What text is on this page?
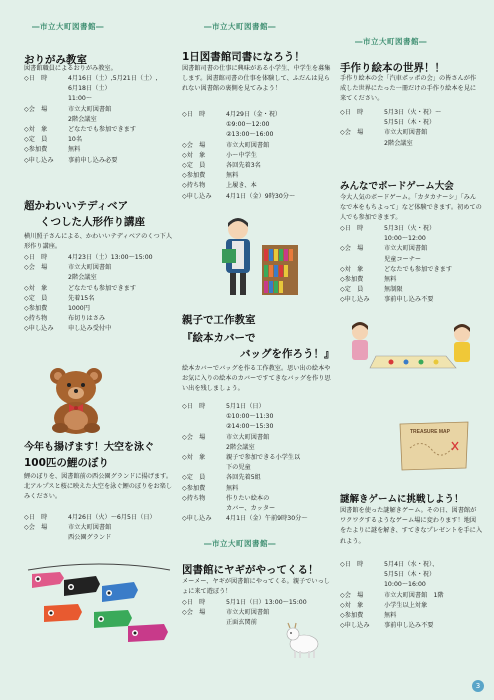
―市立大町図書館―	―市立大町図書館―
―市立大町図書館―
おりがみ教室
図書館職員によるおりがみ教室。
◇日　時	4月16日（土）,5月21日（土）,
6月18日（土）
11:00～
◇会　場	市立大町図書館
2階会議室
◇対　象	どなたでも参加できます
◇定　員	10名
◇参加費	無料
◇申し込み	事前申し込み必要
超かわいいテディベア
くつした人形作り講座
横川照子さんによる、かわいいテディベアのくつ下人形作り講座。
◇日　時	4月23日（土）13:00～15:00
◇会　場	市立大町図書館
2階会議室
◇対　象	どなたでも参加できます
◇定　員	先着15名
◇参加費	1000円
◇持ち物	布切りはさみ
◇申し込み	申し込み受付中
今年も揚げます！大空を泳ぐ
100匹の鯉のぼり
鯉のぼりを、図書館前の西公園グランドに揚げます。北アルプスと桜に映えた大空を泳ぐ鯉のぼりをお楽しみください。
◇日　時	4月26日（火）～6月5日（日）
◇会　場	市立大町図書館
西公園グランド
1日図書館司書になろう！
図書館司書の仕事に興味がある小学生、中学生を募集します。図書館司書の仕事を体験して、ふだんは見られない図書館の裏側を見てみよう！
◇日　時	4月29日（金・祝）
①9:00～12:00
②13:00～16:00
◇会　場	市立大町図書館
◇対　象	小～中学生
◇定　員	各回先着3名
◇参加費	無料
◇持ち物	上履き、本
◇申し込み	4月1日（金）9時30分～
親子で工作教室
『絵本カバーで
バッグを作ろう！』
絵本カバーでバッグを作る工作教室。思い出の絵本やお気に入りの絵本のカバーですてきなバッグを作り思い出を残しましょう。
◇日　時	5月1日（日）
①10:00～11:30
②14:00～15:30
◇会　場	市立大町図書館
2階会議室
◇対　象	親子で参加できる小学生以
下の児童
◇定　員	各回先着5組
◇参加費	無料
◇持ち物	作りたい絵本の
カバー、カッター
◇申し込み	4月1日（金）午前9時30分～
―市立大町図書館―
図書館にヤギがやってくる！
メーメー、ヤギが図書館にやってくる。親子でいっしょに来て遊ぼう！
◇日　時	5月1日（日）13:00～15:00
◇会　場	市立大町図書館
正面玄関前
手作り絵本の世界！！
手作り絵本の会「汽車ポッポの会」の皆さんが作成した世界にたった一冊だけの手作り絵本を見に来てください。
◇日　時	5月3日（火・祝）～
5月5日（木・祝）
◇会　場	市立大町図書館
2階会議室
みんなでボードゲーム大会
今大人気のボードゲーム。「カタカナーシ」「みんなで本をもちよって」など体験できます。初めての人でも参加できます。
◇日　時	5月3日（火・祝）
10:00～12:00
◇会　場	市立大町図書館
児童コーナー
◇対　象	どなたでも参加できます
◇参加費	無料
◇定　員	無制限
◇申し込み	事前申し込み不要
TREASURE MAP
謎解きゲームに挑戦しよう！
図書館を使った謎解きゲーム。その日、図書館がワクワクするようなゲーム場に変わります！地図をたよりに謎を解き、すてきなプレゼントを手に入れよう。
◇日　時	5月4日（水・祝）、
5月5日（木・祝）
10:00～16:00
◇会　場	市立大町図書館　1階
◇対　象	小学生以上対象
◇参加費	無料
◇申し込み	事前申し込み不要
3
